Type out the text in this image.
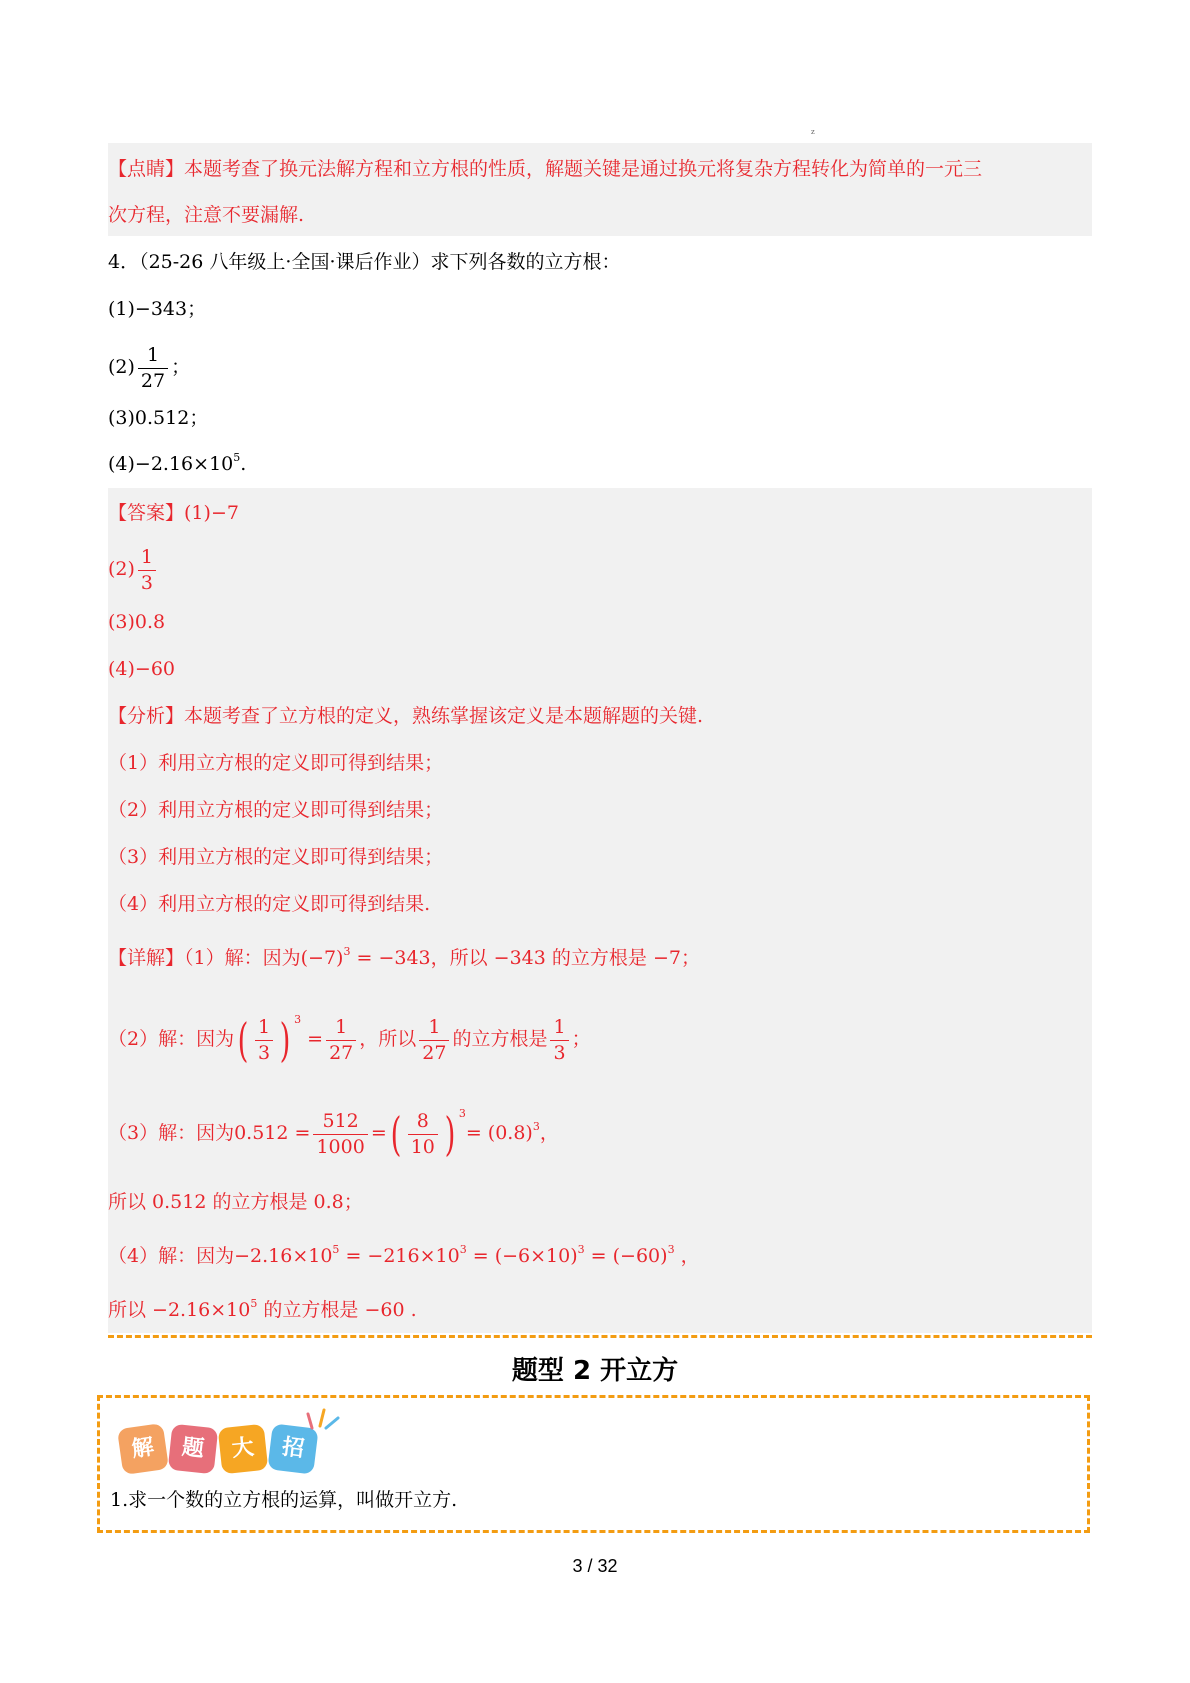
z
【点睛】本题考查了换元法解方程和立方根的性质，解题关键是通过换元将复杂方程转化为简单的一元三
次方程，注意不要漏解.
4．（25-26 八年级上·全国·课后作业）求下列各数的立方根：
(1)−343；
$(2) \frac{1}{27}$ ；
(3)0.512；
$(4)-2.16\times 10^5$.
【答案】(1)−7
$(2) \frac{1}{3}$
(3)0.8
(4)−60
【分析】本题考查了立方根的定义，熟练掌握该定义是本题解题的关键.
（1）利用立方根的定义即可得到结果；
（2）利用立方根的定义即可得到结果；
（3）利用立方根的定义即可得到结果；
（4）利用立方根的定义即可得到结果.
【详解】（1）解：因为$(-7)^3 = -343$，所以 −343 的立方根是 −7；
（2）解：因为( $\frac{1}{3}$ ) $^3 = \frac{1}{27}$ ，所以 $\frac{1}{27}$ 的立方根是 $\frac{1}{3}$ ；
（3）解：因为$0.512 = \frac{512}{1000}$ =( $\frac{8}{10}$ ) $^3= (0.8)^3$，
所以 0.512 的立方根是 0.8；
（4）解：因为$-2.16\times 10^5 = -216\times 10^3 = (-6\times 10)^3 = (-60)^3$ ，
所以 $-2.16\times 10^5$ 的立方根是 −60 .
题型 2 开立方
解	题	大	招
1.求一个数的立方根的运算，叫做开立方.
3 / 32
